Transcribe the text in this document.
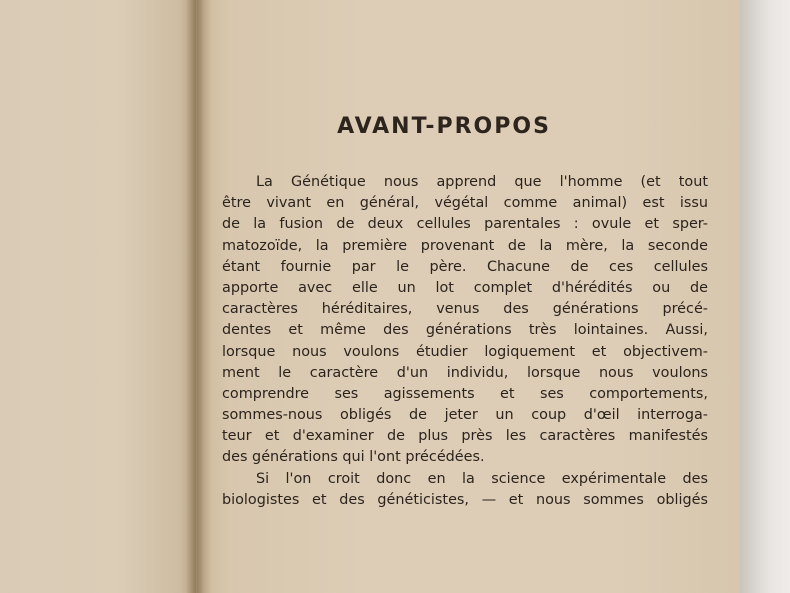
AVANT-PROPOS
La Génétique nous apprend que l'homme (et tout
être vivant en général, végétal comme animal) est issu
de la fusion de deux cellules parentales : ovule et sper-
matozoïde, la première provenant de la mère, la seconde
étant fournie par le père. Chacune de ces cellules
apporte avec elle un lot complet d'hérédités ou de
caractères héréditaires, venus des générations précé-
dentes et même des générations très lointaines. Aussi,
lorsque nous voulons étudier logiquement et objectivem-
ment le caractère d'un individu, lorsque nous voulons
comprendre ses agissements et ses comportements,
sommes-nous obligés de jeter un coup d'œil interroga-
teur et d'examiner de plus près les caractères manifestés
des générations qui l'ont précédées.
Si l'on croit donc en la science expérimentale des
biologistes et des généticistes, — et nous sommes obligés
